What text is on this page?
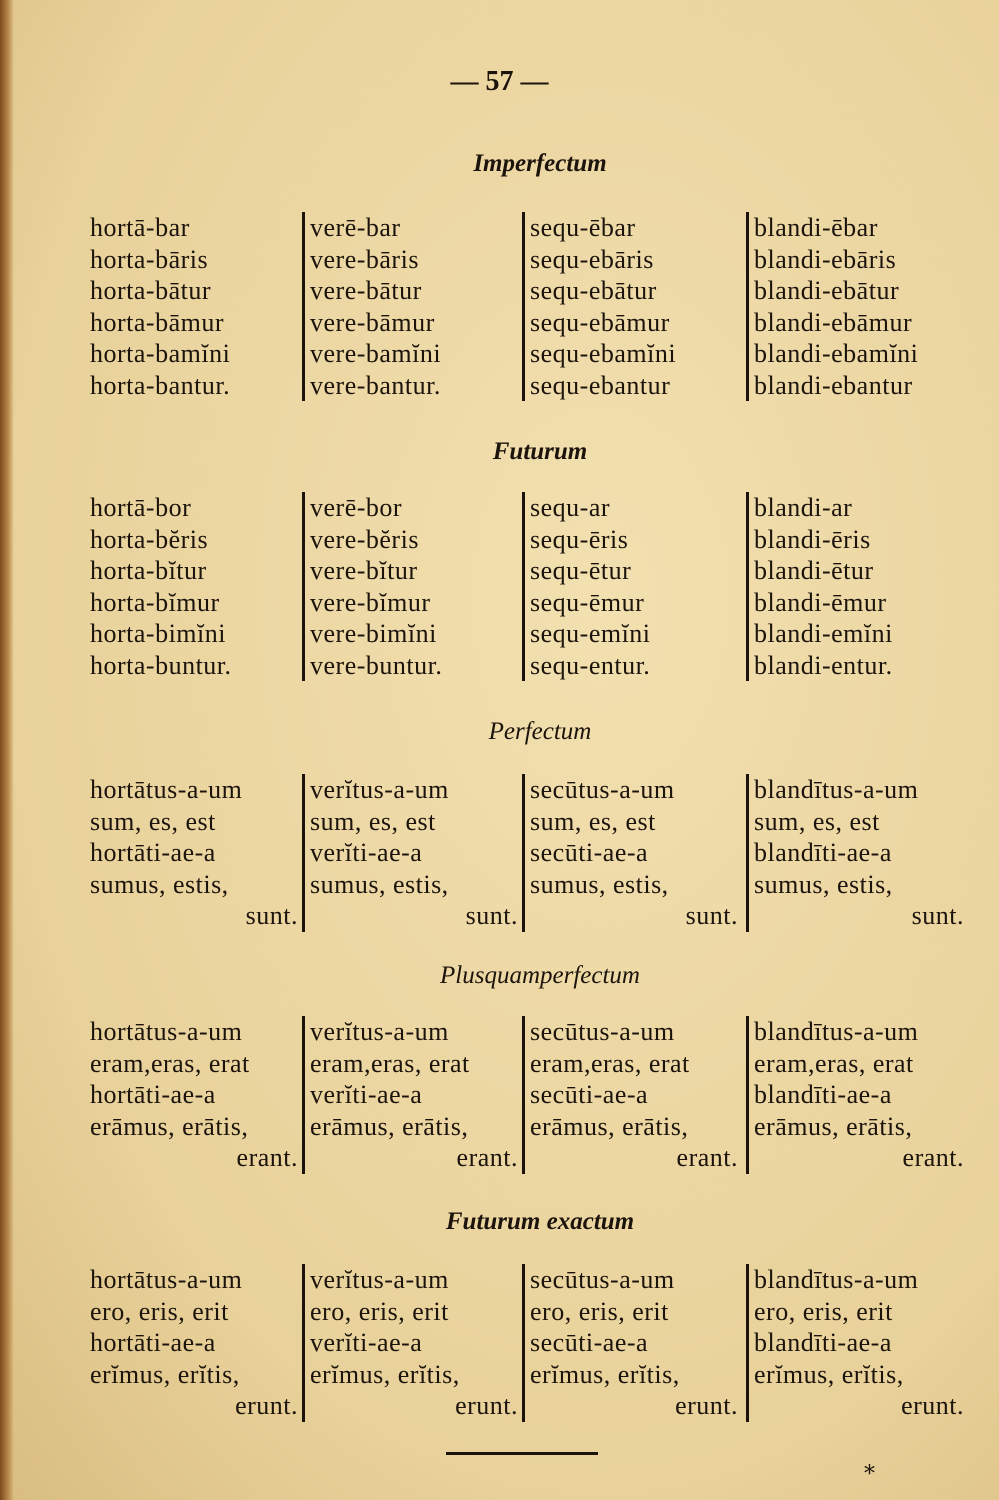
— 57 —
Imperfectum
hortā-bar
horta-bāris
horta-bātur
horta-bāmur
horta-bamĭni
horta-bantur.
verē-bar
vere-bāris
vere-bātur
vere-bāmur
vere-bamĭni
vere-bantur.
sequ-ēbar
sequ-ebāris
sequ-ebātur
sequ-ebāmur
sequ-ebamĭni
sequ-ebantur
blandi-ēbar
blandi-ebāris
blandi-ebātur
blandi-ebāmur
blandi-ebamĭni
blandi-ebantur
Futurum
hortā-bor
horta-bĕris
horta-bĭtur
horta-bĭmur
horta-bimĭni
horta-buntur.
verē-bor
vere-bĕris
vere-bĭtur
vere-bĭmur
vere-bimĭni
vere-buntur.
sequ-ar
sequ-ēris
sequ-ētur
sequ-ēmur
sequ-emĭni
sequ-entur.
blandi-ar
blandi-ēris
blandi-ētur
blandi-ēmur
blandi-emĭni
blandi-entur.
Perfectum
hortātus-a-um
sum, es, est
hortāti-ae-a
sumus, estis,
sunt.
verĭtus-a-um
sum, es, est
verĭti-ae-a
sumus, estis,
sunt.
secūtus-a-um
sum, es, est
secūti-ae-a
sumus, estis,
sunt.
blandītus-a-um
sum, es, est
blandīti-ae-a
sumus, estis,
sunt.
Plusquamperfectum
hortātus-a-um
eram,eras, erat
hortāti-ae-a
erāmus, erātis,
erant.
verĭtus-a-um
eram,eras, erat
verĭti-ae-a
erāmus, erātis,
erant.
secūtus-a-um
eram,eras, erat
secūti-ae-a
erāmus, erātis,
erant.
blandītus-a-um
eram,eras, erat
blandīti-ae-a
erāmus, erātis,
erant.
Futurum exactum
hortātus-a-um
ero, eris, erit
hortāti-ae-a
erĭmus, erĭtis,
erunt.
verĭtus-a-um
ero, eris, erit
verĭti-ae-a
erĭmus, erĭtis,
erunt.
secūtus-a-um
ero, eris, erit
secūti-ae-a
erĭmus, erĭtis,
erunt.
blandītus-a-um
ero, eris, erit
blandīti-ae-a
erĭmus, erĭtis,
erunt.
*
